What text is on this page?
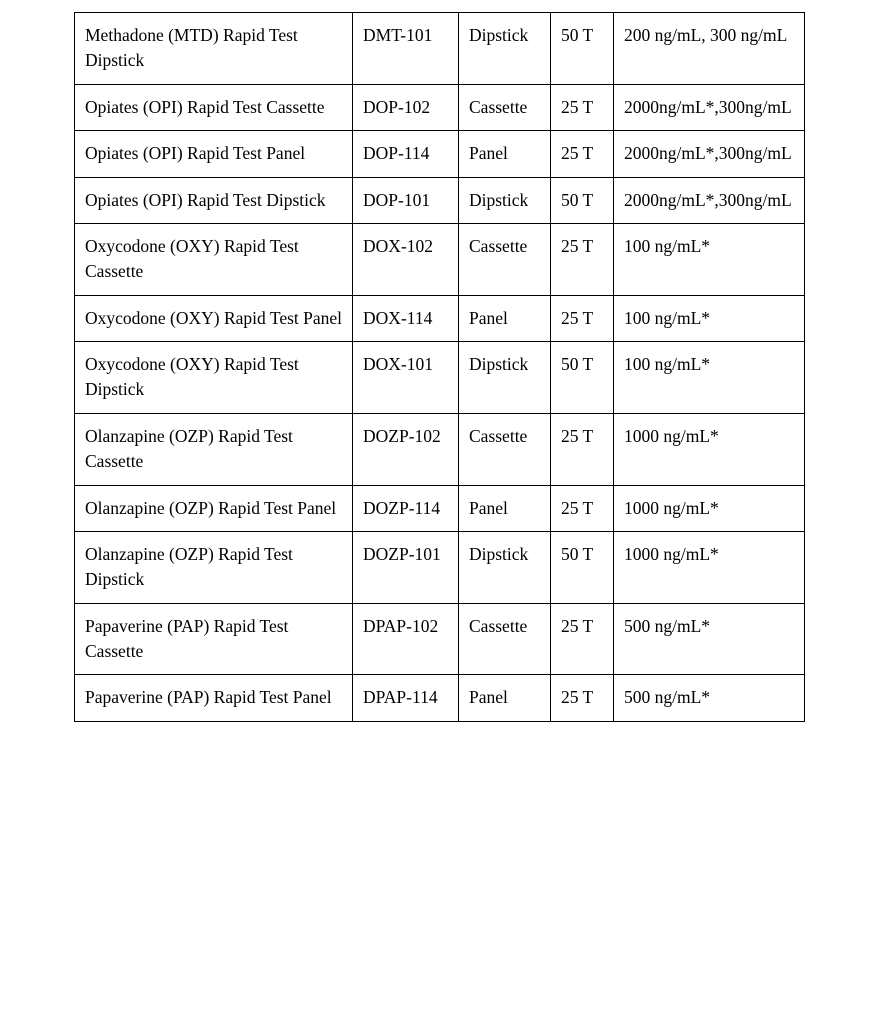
Methadone (MTD) Rapid Test Dipstick	DMT-101	Dipstick	50 T	200 ng/mL, 300 ng/mL
Opiates (OPI) Rapid Test Cassette	DOP-102	Cassette	25 T	2000ng/mL*,300ng/mL
Opiates (OPI) Rapid Test Panel	DOP-114	Panel	25 T	2000ng/mL*,300ng/mL
Opiates (OPI) Rapid Test Dipstick	DOP-101	Dipstick	50 T	2000ng/mL*,300ng/mL
Oxycodone (OXY) Rapid Test Cassette	DOX-102	Cassette	25 T	100 ng/mL*
Oxycodone (OXY) Rapid Test Panel	DOX-114	Panel	25 T	100 ng/mL*
Oxycodone (OXY) Rapid Test Dipstick	DOX-101	Dipstick	50 T	100 ng/mL*
Olanzapine (OZP) Rapid Test Cassette	DOZP-102	Cassette	25 T	1000 ng/mL*
Olanzapine (OZP) Rapid Test Panel	DOZP-114	Panel	25 T	1000 ng/mL*
Olanzapine (OZP) Rapid Test Dipstick	DOZP-101	Dipstick	50 T	1000 ng/mL*
Papaverine (PAP) Rapid Test Cassette	DPAP-102	Cassette	25 T	500 ng/mL*
Papaverine (PAP) Rapid Test Panel	DPAP-114	Panel	25 T	500 ng/mL*
